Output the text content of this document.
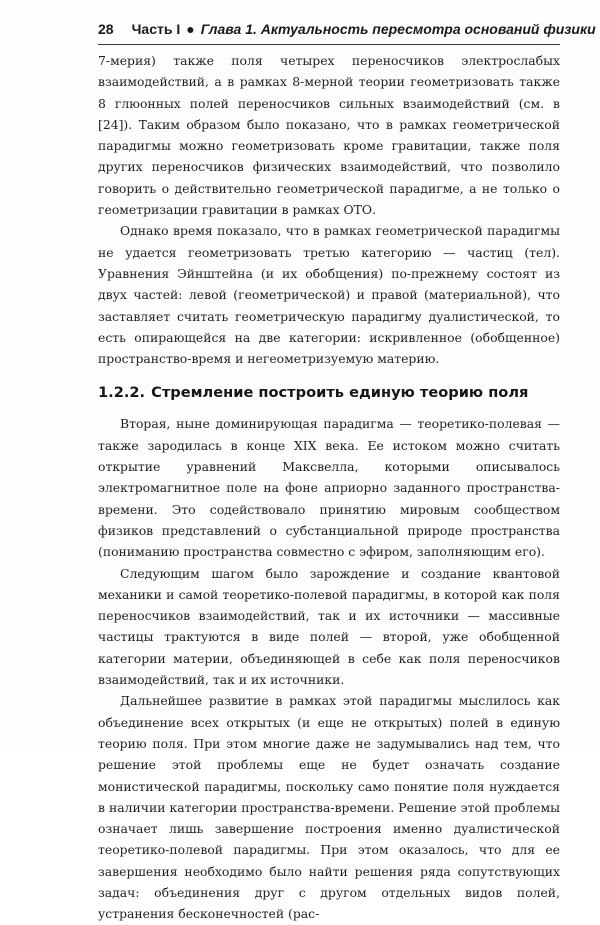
28 Часть I ● Глава 1. Актуальность пересмотра оснований физики

7-мерия) также поля четырех переносчиков электрослабых взаимодействий, а в рамках 8-мерной теории геометризовать также 8 глюонных полей переносчиков сильных взаимодействий (см. в [24]). Таким образом было показано, что в рамках геометрической парадигмы можно геометризовать кроме гравитации, также поля других переносчиков физических взаимодействий, что позволило говорить о действительно геометрической парадигме, а не только о геометризации гравитации в рамках ОТО.

Однако время показало, что в рамках геометрической парадигмы не удается геометризовать третью категорию — частиц (тел). Уравнения Эйнштейна (и их обобщения) по-прежнему состоят из двух частей: левой (геометрической) и правой (материальной), что заставляет считать геометрическую парадигму дуалистической, то есть опирающейся на две категории: искривленное (обобщенное) пространство-время и негеометризуемую материю.

1.2.2. Стремление построить единую теорию поля

Вторая, ныне доминирующая парадигма — теоретико-полевая — также зародилась в конце XIX века. Ее истоком можно считать открытие уравнений Максвелла, которыми описывалось электромагнитное поле на фоне априорно заданного пространства-времени. Это содействовало принятию мировым сообществом физиков представлений о субстанциальной природе пространства (пониманию пространства совместно с эфиром, заполняющим его).

Следующим шагом было зарождение и создание квантовой механики и самой теоретико-полевой парадигмы, в которой как поля переносчиков взаимодействий, так и их источники — массивные частицы трактуются в виде полей — второй, уже обобщенной категории материи, объединяющей в себе как поля переносчиков взаимодействий, так и их источники.

Дальнейшее развитие в рамках этой парадигмы мыслилось как объединение всех открытых (и еще не открытых) полей в единую теорию поля. При этом многие даже не задумывались над тем, что решение этой проблемы еще не будет означать создание монистической парадигмы, поскольку само понятие поля нуждается в наличии категории пространства-времени. Решение этой проблемы означает лишь завершение построения именно дуалистической теоретико-полевой парадигмы. При этом оказалось, что для ее завершения необходимо было найти решения ряда сопутствующих задач: объединения друг с другом отдельных видов полей, устранения бесконечностей (рас-
